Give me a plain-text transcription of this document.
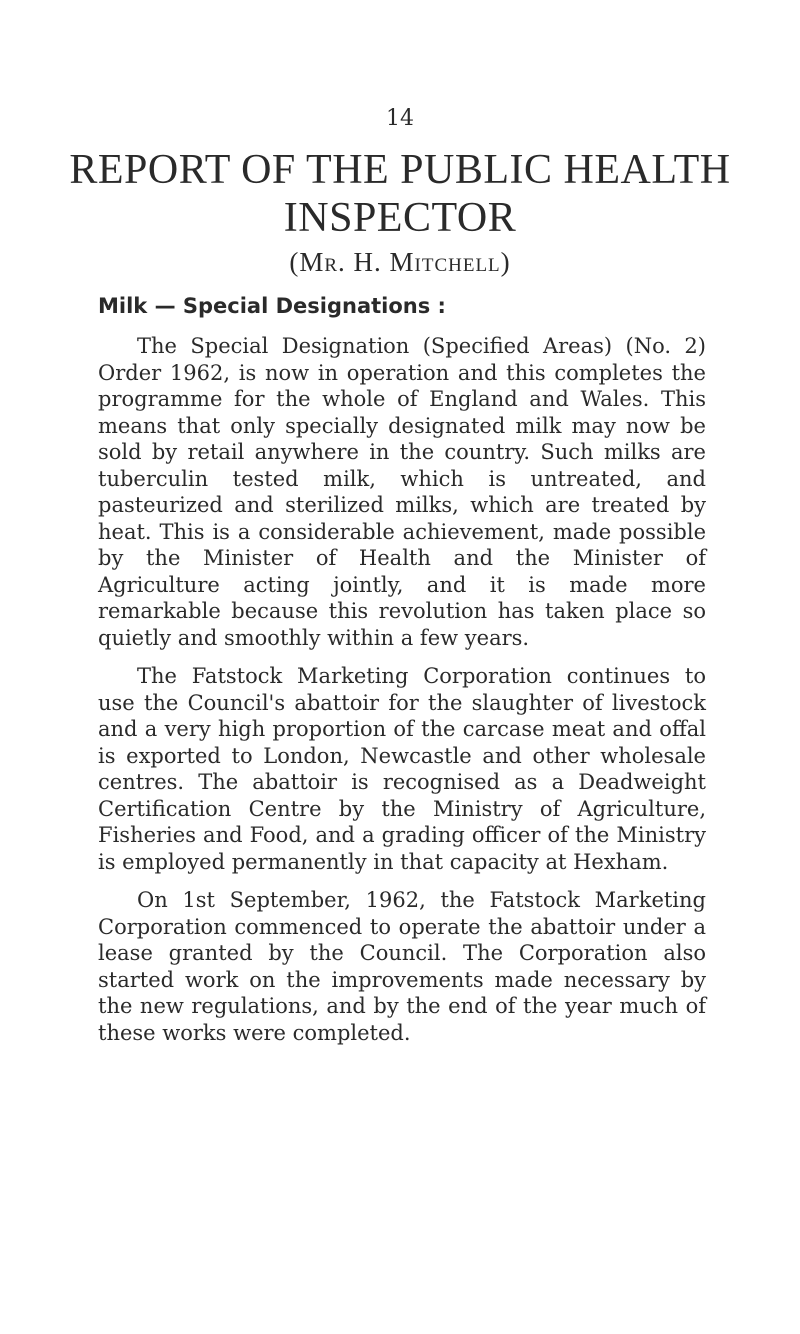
14
REPORT OF THE PUBLIC HEALTH INSPECTOR
(Mr. H. Mitchell)
Milk — Special Designations :

The Special Designation (Specified Areas) (No. 2) Order 1962, is now in operation and this completes the programme for the whole of England and Wales. This means that only specially designated milk may now be sold by retail anywhere in the country. Such milks are tuberculin tested milk, which is untreated, and pasteurized and sterilized milks, which are treated by heat. This is a considerable achievement, made possible by the Minister of Health and the Minister of Agriculture acting jointly, and it is made more remarkable because this revolution has taken place so quietly and smoothly within a few years.

The Fatstock Marketing Corporation continues to use the Council's abattoir for the slaughter of livestock and a very high proportion of the carcase meat and offal is exported to London, Newcastle and other wholesale centres. The abattoir is recognised as a Deadweight Certification Centre by the Ministry of Agriculture, Fisheries and Food, and a grading officer of the Ministry is employed permanently in that capacity at Hexham.

On 1st September, 1962, the Fatstock Marketing Corporation commenced to operate the abattoir under a lease granted by the Council. The Corporation also started work on the improvements made necessary by the new regulations, and by the end of the year much of these works were completed.
